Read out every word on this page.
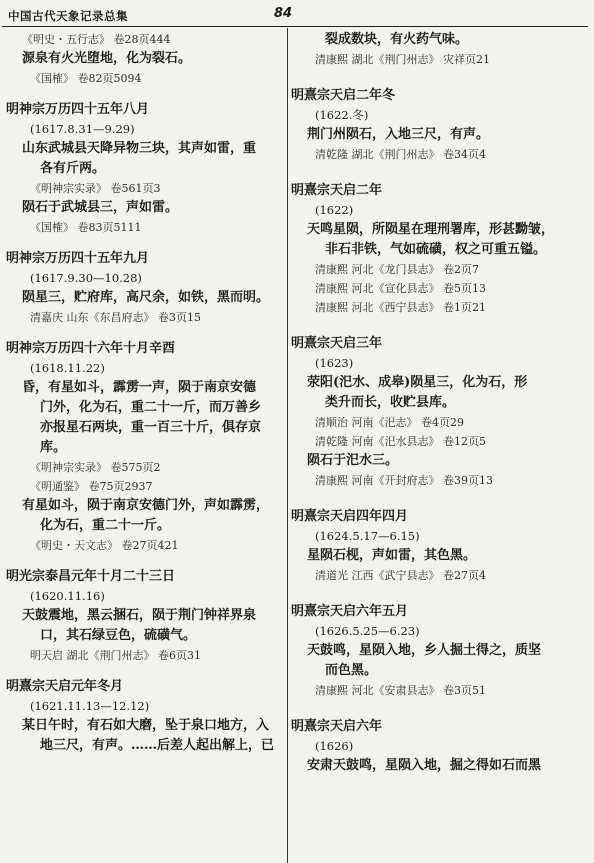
中国古代天象记录总集	84
《明史・五行志》 卷28页444
源泉有火光堕地，化为裂石。
《国榷》 卷82页5094
明神宗万历四十五年八月
(1617.8.31—9.29)
山东武城县天降异物三块，其声如雷，重
各有斤两。
《明神宗实录》 卷561页3
陨石于武城县三，声如雷。
《国榷》 卷83页5111
明神宗万历四十五年九月
(1617.9.30—10.28)
陨星三，贮府库，高尺余，如铁，黑而明。
清嘉庆 山东《东昌府志》 卷3页15
明神宗万历四十六年十月辛酉
(1618.11.22)
昏，有星如斗，霹雳一声，陨于南京安德
门外，化为石，重二十一斤，而万善乡
亦报星石两块，重一百三十斤，俱存京
库。
《明神宗实录》 卷575页2
《明通鉴》 卷75页2937
有星如斗，陨于南京安德门外，声如霹雳，
化为石，重二十一斤。
《明史・天文志》 卷27页421
明光宗泰昌元年十月二十三日
(1620.11.16)
天鼓震地，黑云捆石，陨于荆门钟祥界泉
口，其石绿豆色，硫磺气。
明天启 湖北《荆门州志》 卷6页31
明熹宗天启元年冬月
(1621.11.13—12.12)
某日午时，有石如大磨，坠于泉口地方，入
地三尺，有声。……后差人起出解上，已
裂成数块，有火药气味。
清康熙 湖北《荆门州志》 灾祥页21
明熹宗天启二年冬
(1622.冬)
荆门州陨石，入地三尺，有声。
清乾隆 湖北《荆门州志》 卷34页4
明熹宗天启二年
(1622)
天鸣星陨，所陨星在理刑署库，形甚黝皱，
非石非铁，气如硫磺，权之可重五镒。
清康熙 河北《龙门县志》 卷2页7
清康熙 河北《宣化县志》 卷5页13
清康熙 河北《西宁县志》 卷1页21
明熹宗天启三年
(1623)
荥阳(汜水、成皋)陨星三，化为石，形
类升而长，收贮县库。
清顺治 河南《汜志》 卷4页29
清乾隆 河南《汜水县志》 卷12页5
陨石于汜水三。
清康熙 河南《开封府志》 卷39页13
明熹宗天启四年四月
(1624.5.17—6.15)
星陨石枧，声如雷，其色黑。
清道光 江西《武宁县志》 卷27页4
明熹宗天启六年五月
(1626.5.25—6.23)
天鼓鸣，星陨入地，乡人掘土得之，质坚
而色黑。
清康熙 河北《安肃县志》 卷3页51
明熹宗天启六年
(1626)
安肃天鼓鸣，星陨入地，掘之得如石而黑
